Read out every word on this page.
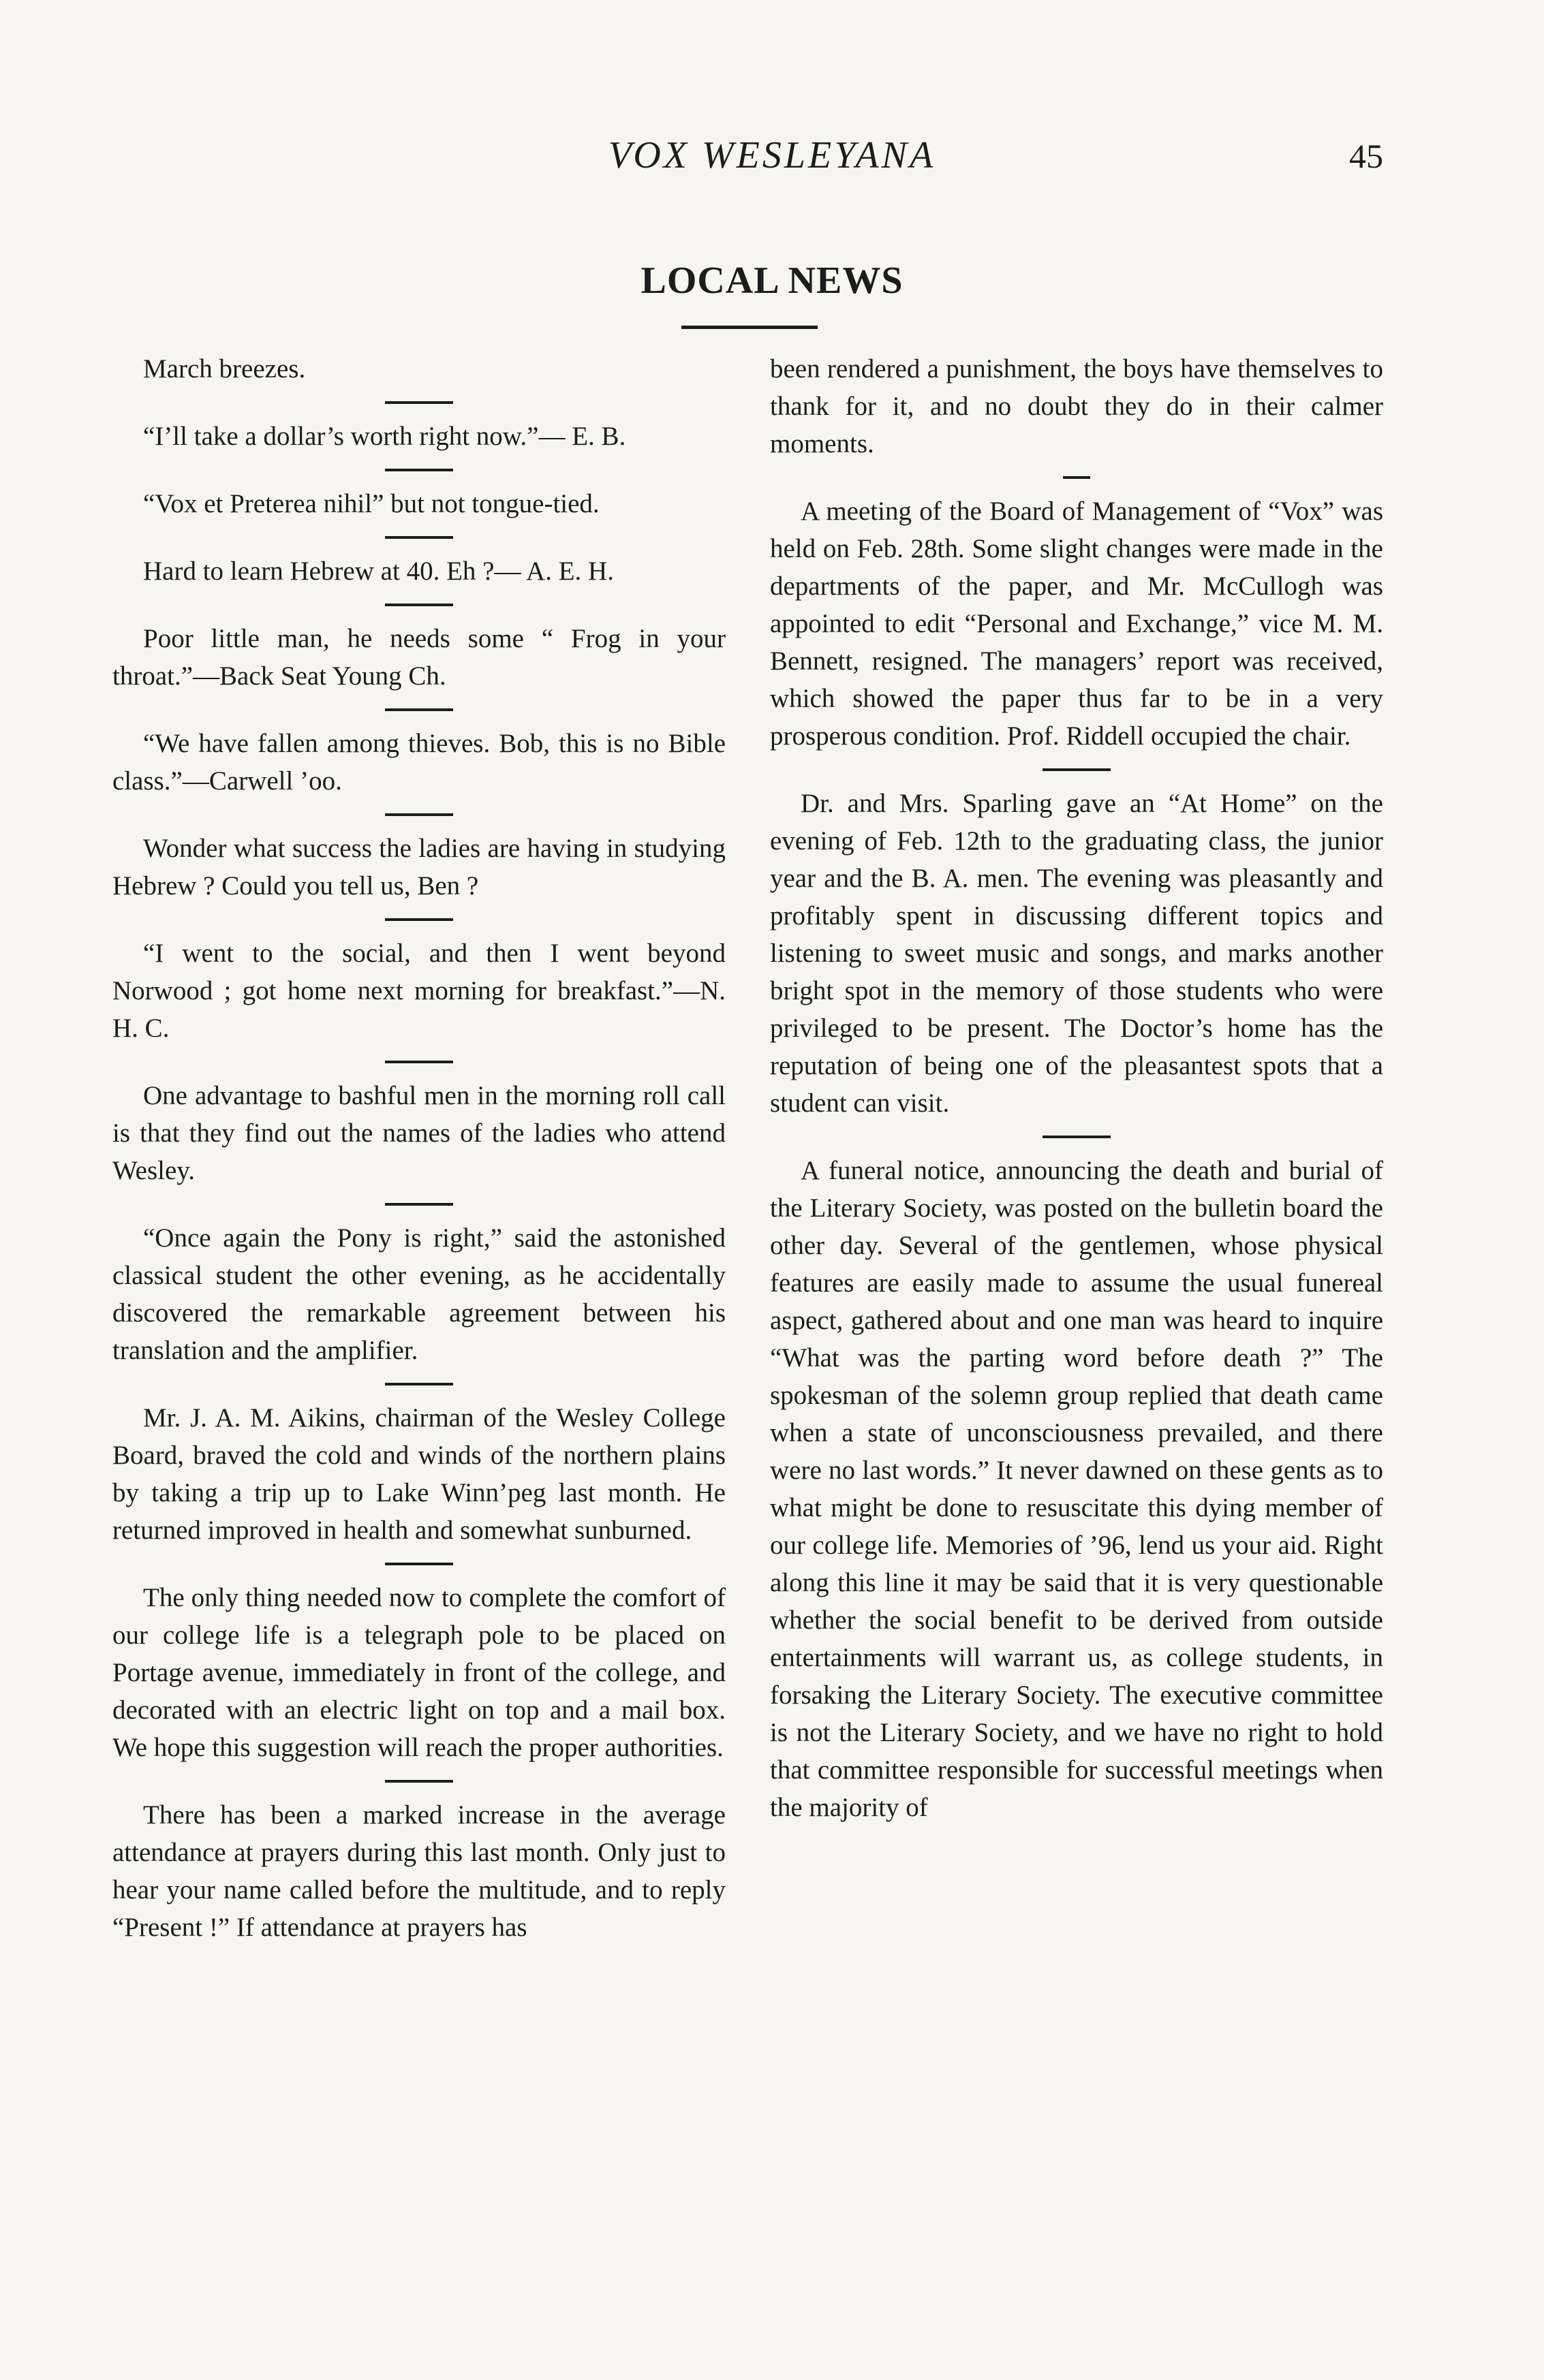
VOX WESLEYANA	45
LOCAL NEWS

March breezes.

“I’ll take a dollar’s worth right now.”— E. B.

“Vox et Preterea nihil” but not tongue-tied.

Hard to learn Hebrew at 40. Eh ?— A. E. H.

Poor little man, he needs some “ Frog in your throat.”—Back Seat Young Ch.

“We have fallen among thieves. Bob, this is no Bible class.”—Carwell ’oo.

Wonder what success the ladies are having in studying Hebrew ? Could you tell us, Ben ?

“I went to the social, and then I went beyond Norwood ; got home next morning for breakfast.”—N. H. C.

One advantage to bashful men in the morning roll call is that they find out the names of the ladies who attend Wesley.

“Once again the Pony is right,” said the astonished classical student the other evening, as he accidentally discovered the remarkable agreement between his translation and the amplifier.

Mr. J. A. M. Aikins, chairman of the Wesley College Board, braved the cold and winds of the northern plains by taking a trip up to Lake Winn’peg last month. He returned improved in health and somewhat sunburned.

The only thing needed now to complete the comfort of our college life is a telegraph pole to be placed on Portage avenue, immediately in front of the college, and decorated with an electric light on top and a mail box. We hope this suggestion will reach the proper authorities.

There has been a marked increase in the average attendance at prayers during this last month. Only just to hear your name called before the multitude, and to reply “Present !” If attendance at prayers has

been rendered a punishment, the boys have themselves to thank for it, and no doubt they do in their calmer moments.

A meeting of the Board of Management of “Vox” was held on Feb. 28th. Some slight changes were made in the departments of the paper, and Mr. McCullogh was appointed to edit “Personal and Exchange,” vice M. M. Bennett, resigned. The managers’ report was received, which showed the paper thus far to be in a very prosperous condition. Prof. Riddell occupied the chair.

Dr. and Mrs. Sparling gave an “At Home” on the evening of Feb. 12th to the graduating class, the junior year and the B. A. men. The evening was pleasantly and profitably spent in discussing different topics and listening to sweet music and songs, and marks another bright spot in the memory of those students who were privileged to be present. The Doctor’s home has the reputation of being one of the pleasantest spots that a student can visit.

A funeral notice, announcing the death and burial of the Literary Society, was posted on the bulletin board the other day. Several of the gentlemen, whose physical features are easily made to assume the usual funereal aspect, gathered about and one man was heard to inquire “What was the parting word before death ?” The spokesman of the solemn group replied that death came when a state of unconsciousness prevailed, and there were no last words.” It never dawned on these gents as to what might be done to resuscitate this dying member of our college life. Memories of ’96, lend us your aid. Right along this line it may be said that it is very questionable whether the social benefit to be derived from outside entertainments will warrant us, as college students, in forsaking the Literary Society. The executive committee is not the Literary Society, and we have no right to hold that committee responsible for successful meetings when the majority of
